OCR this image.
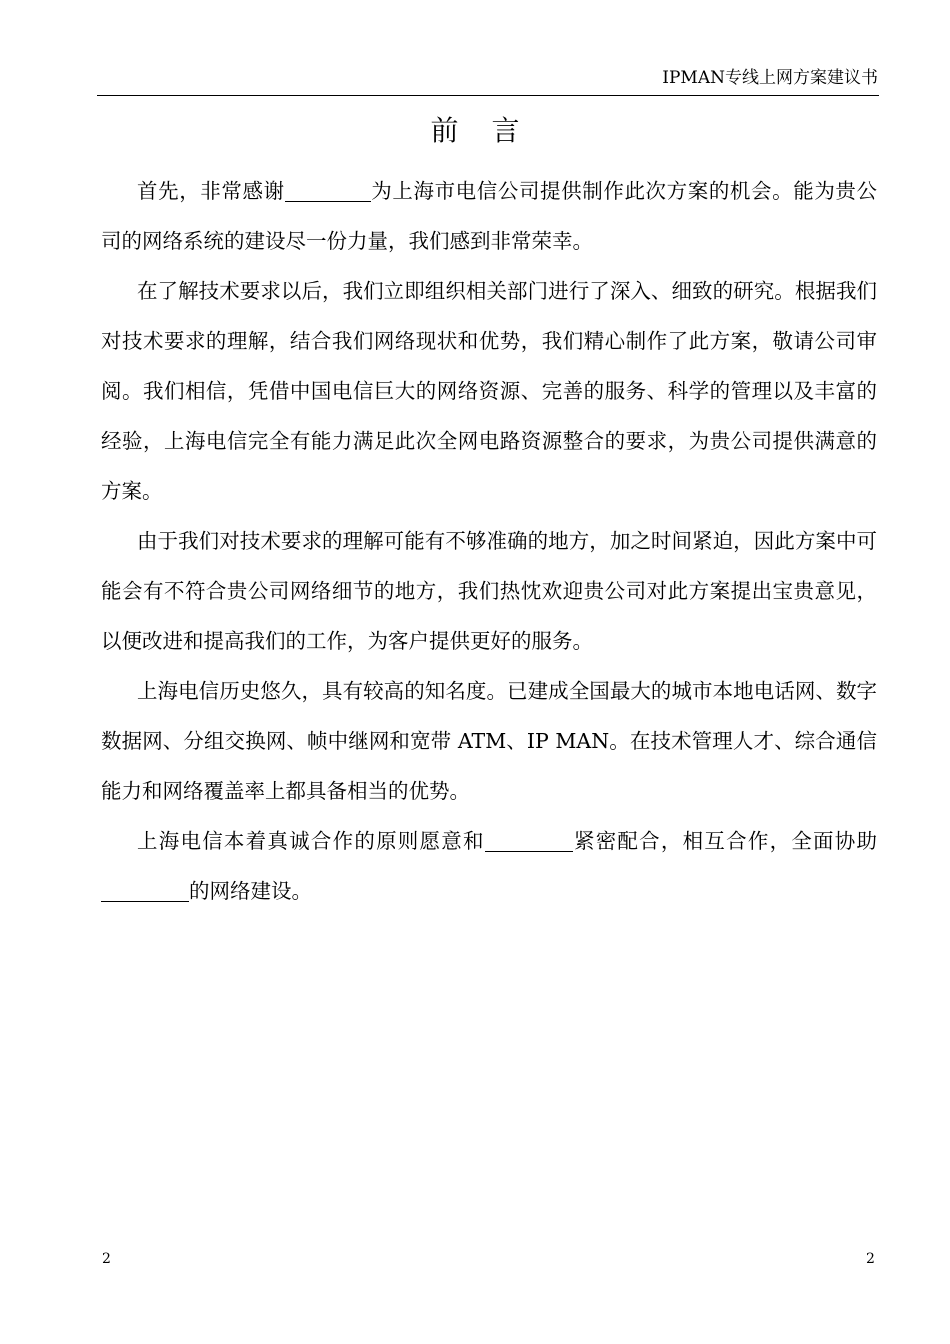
IPMAN专线上网方案建议书
前 言

首先，非常感谢	为上海市电信公司提供制作此次方案的机会。能为贵公司的网络系统的建设尽一份力量，我们感到非常荣幸。

在了解技术要求以后，我们立即组织相关部门进行了深入、细致的研究。根据我们对技术要求的理解，结合我们网络现状和优势，我们精心制作了此方案，敬请公司审阅。我们相信，凭借中国电信巨大的网络资源、完善的服务、科学的管理以及丰富的经验，上海电信完全有能力满足此次全网电路资源整合的要求，为贵公司提供满意的方案。

由于我们对技术要求的理解可能有不够准确的地方，加之时间紧迫，因此方案中可能会有不符合贵公司网络细节的地方，我们热忱欢迎贵公司对此方案提出宝贵意见，以便改进和提高我们的工作，为客户提供更好的服务。

上海电信历史悠久，具有较高的知名度。已建成全国最大的城市本地电话网、数字数据网、分组交换网、帧中继网和宽带 ATM、IP MAN。在技术管理人才、综合通信能力和网络覆盖率上都具备相当的优势。

上海电信本着真诚合作的原则愿意和	紧密配合，相互合作，全面协助的网络建设。

2	2
